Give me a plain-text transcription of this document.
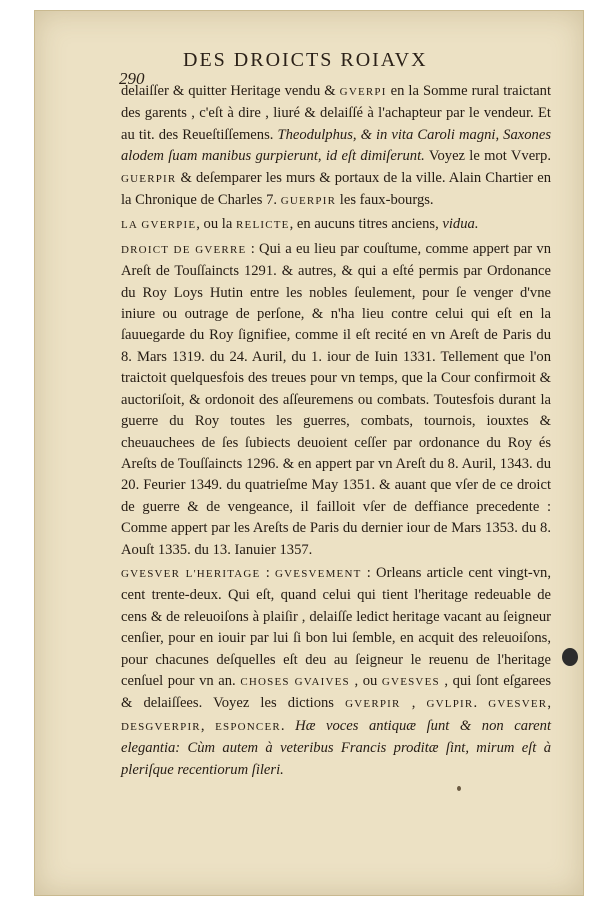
290
DES DROICTS ROIAVX

delaiſſer & quitter Heritage vendu & GVERPI en la Somme rural traictant des garents , c'eſt à dire , liuré & delaiſſé à l'achapteur par le vendeur. Et au tit. des Reueſtiſſemens. Theodulphus, & in vita Caroli magni, Saxones alodem ſuam manibus gurpierunt, id eſt dimiſerunt. Voyez le mot Vverp. GUERPIR & deſemparer les murs & portaux de la ville. Alain Chartier en la Chronique de Charles 7. GUERPIR les faux-bourgs.

LA GVERPIE, ou la RELICTE, en aucuns titres anciens, vidua.

DROICT DE GVERRE : Qui a eu lieu par couſtume, comme appert par vn Areſt de Touſſaincts 1291. & autres, & qui a eſté permis par Ordonance du Roy Loys Hutin entre les nobles ſeulement, pour ſe venger d'vne iniure ou outrage de perſone, & n'ha lieu contre celui qui eſt en la ſauuegarde du Roy ſignifiee, comme il eſt recité en vn Areſt de Paris du 8. Mars 1319. du 24. Auril, du 1. iour de Iuin 1331. Tellement que l'on traictoit quelquesfois des treues pour vn temps, que la Cour confirmoit & auctoriſoit, & ordonoit des aſſeuremens ou combats. Toutesfois durant la guerre du Roy toutes les guerres, combats, tournois, iouxtes & cheuauchees de ſes ſubiects deuoient ceſſer par ordonance du Roy és Areſts de Touſſaincts 1296. & en appert par vn Areſt du 8. Auril, 1343. du 20. Feurier 1349. du quatrieſme May 1351. & auant que vſer de ce droict de guerre & de vengeance, il failloit vſer de deffiance precedente : Comme appert par les Areſts de Paris du dernier iour de Mars 1353. du 8. Aouſt 1335. du 13. Ianuier 1357.

GVESVER L'HERITAGE : GVESVEMENT : Orleans article cent vingt-vn, cent trente-deux. Qui eſt, quand celui qui tient l'heritage redeuable de cens & de releuoiſons à plaiſir , delaiſſe ledict heritage vacant au ſeigneur cenſier, pour en iouir par lui ſi bon lui ſemble, en acquit des releuoiſons, pour chacunes deſquelles eſt deu au ſeigneur le reuenu de l'heritage cenſuel pour vn an. CHOSES GVAIVES , ou GVESVES , qui ſont eſgarees & delaiſſees. Voyez les dictions GVERPIR , GVLPIR. GVESVER, DESGVERPIR, ESPONCER. Hæ voces antiquæ ſunt & non carent elegantia: Cùm autem à veteribus Francis proditæ ſint, mirum eſt à pleriſque recentiorum ſileri.
